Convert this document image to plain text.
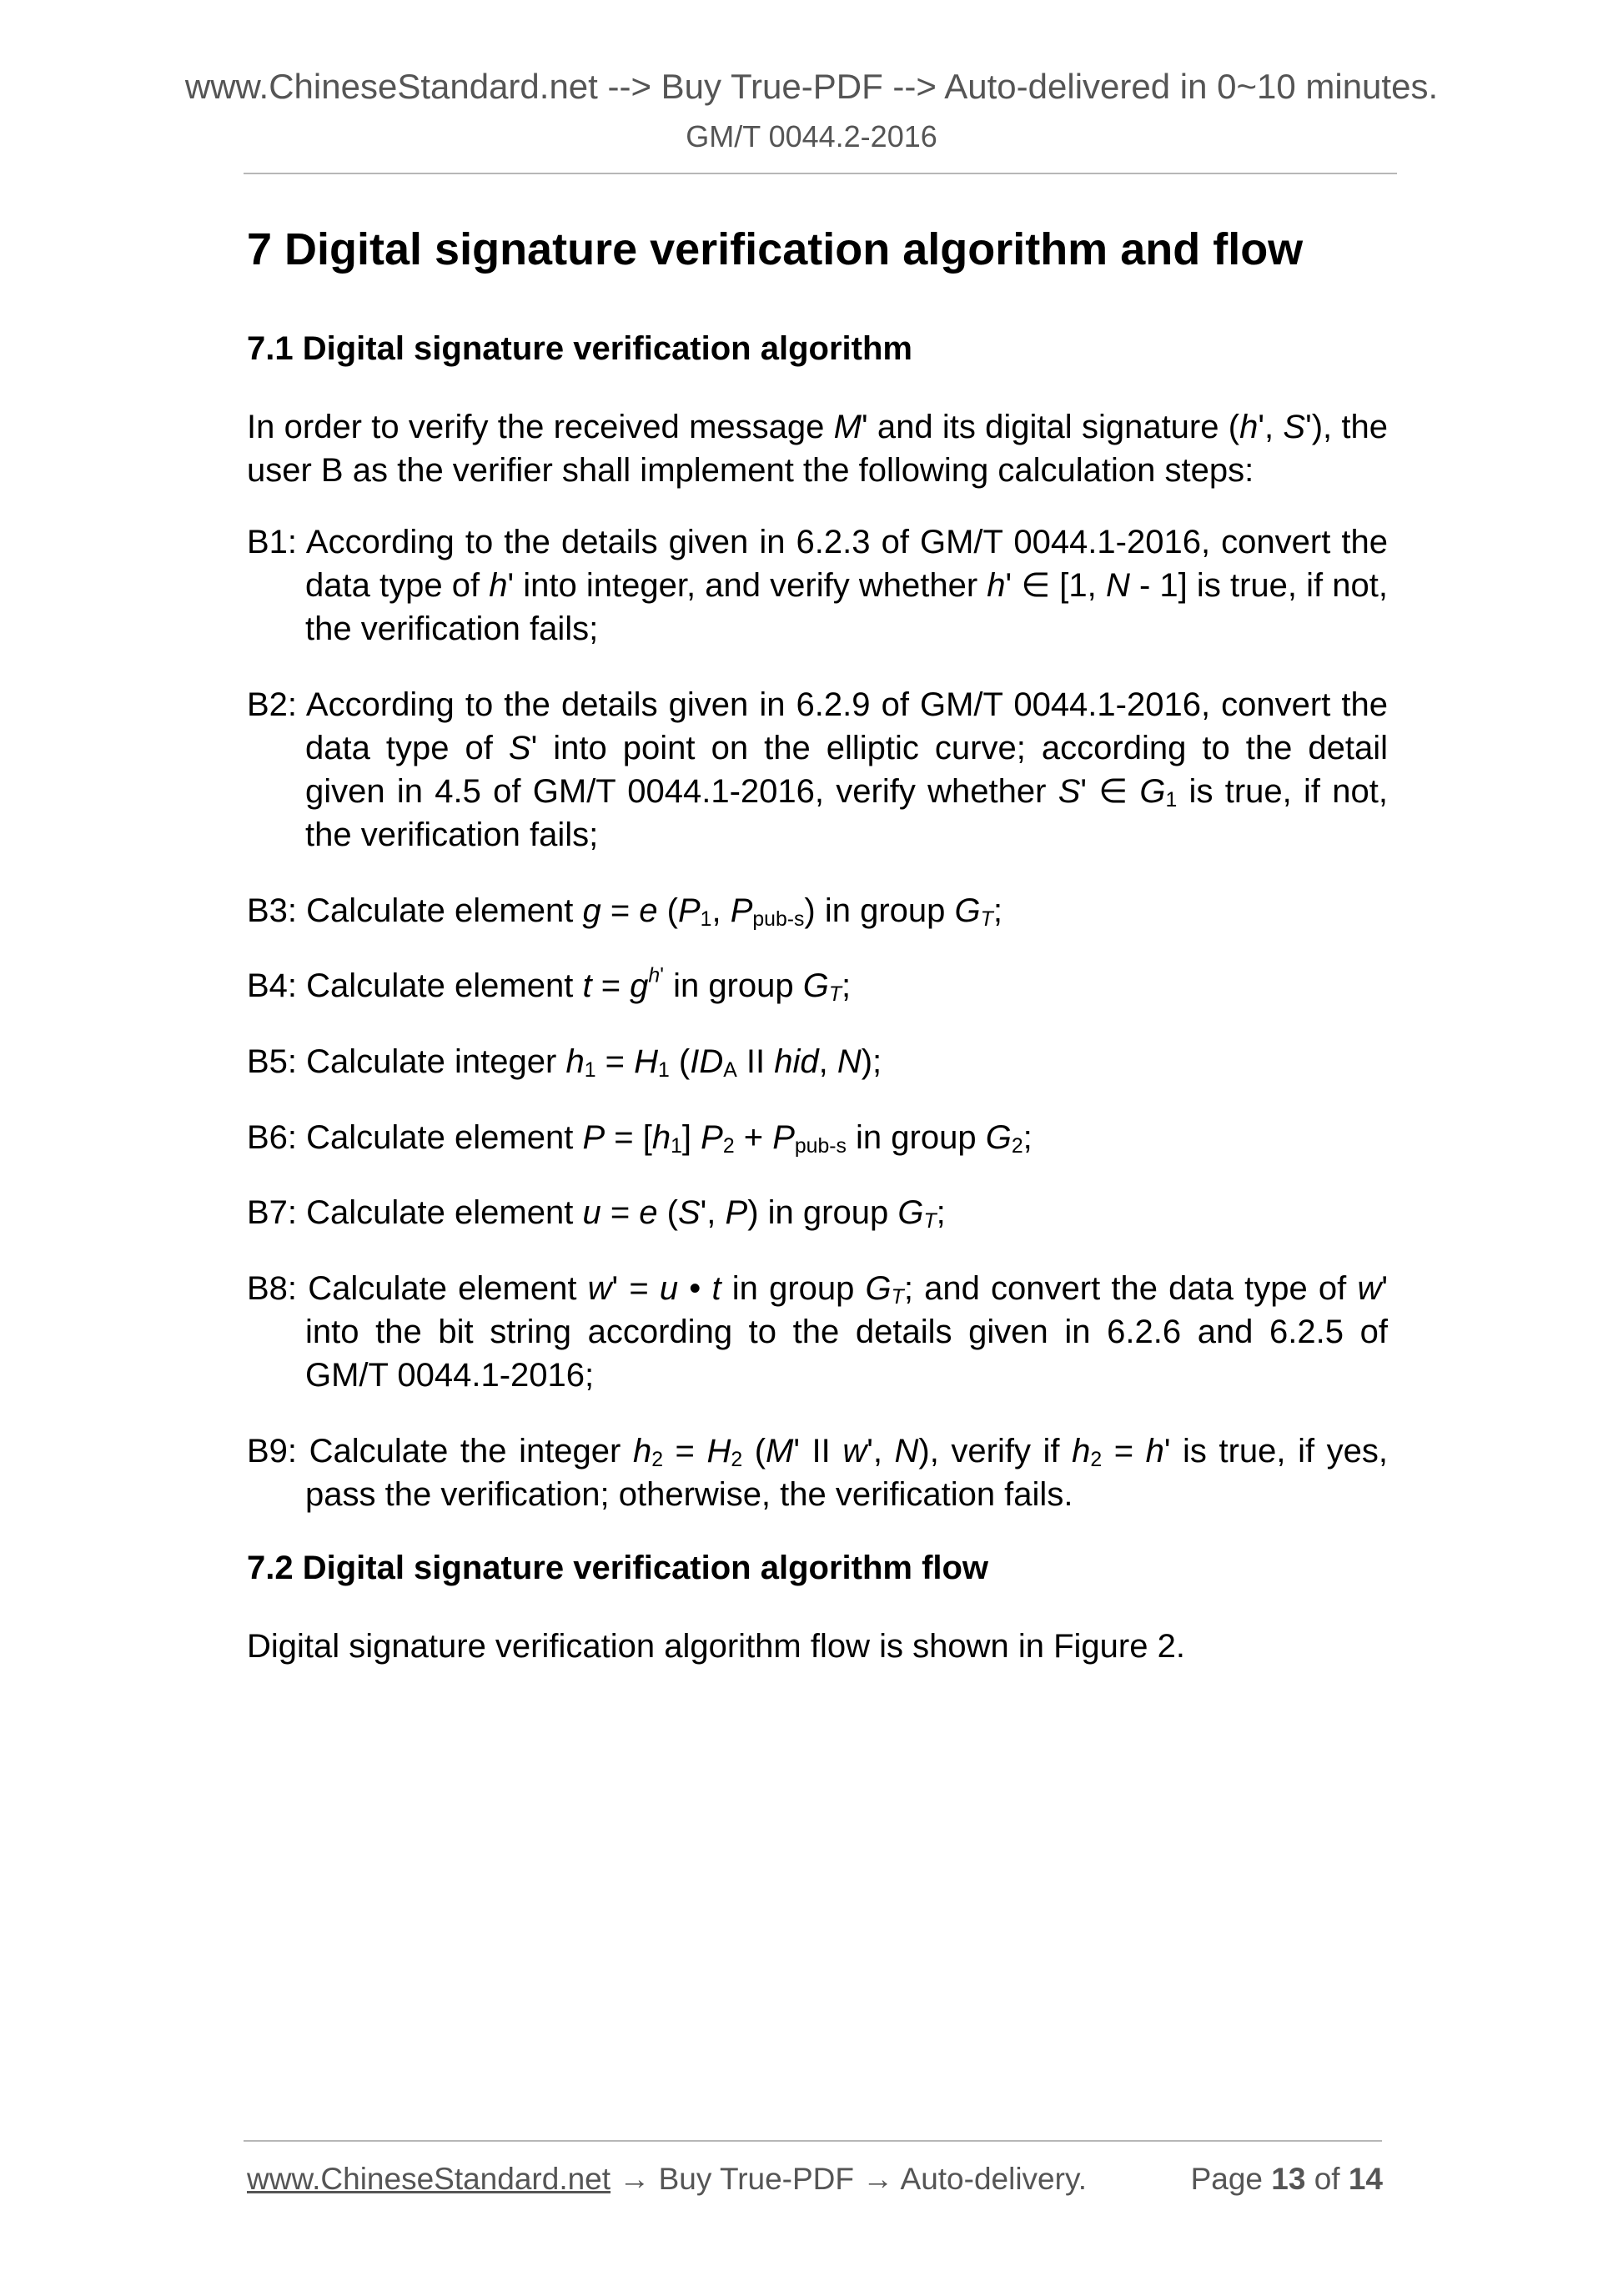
www.ChineseStandard.net --> Buy True-PDF --> Auto-delivered in 0~10 minutes.
GM/T 0044.2-2016
7 Digital signature verification algorithm and flow
7.1 Digital signature verification algorithm

In order to verify the received message M' and its digital signature (h', S'), the user B as the verifier shall implement the following calculation steps:

B1: According to the details given in 6.2.3 of GM/T 0044.1-2016, convert the data type of h' into integer, and verify whether h' ∈ [1, N - 1] is true, if not, the verification fails;
B2: According to the details given in 6.2.9 of GM/T 0044.1-2016, convert the data type of S' into point on the elliptic curve; according to the detail given in 4.5 of GM/T 0044.1-2016, verify whether S' ∈ $G_1$ is true, if not, the verification fails;
B3: Calculate element g = e ($P_1$, $P_{pub-s}$) in group $G_T$;
B4: Calculate element $t = g^{h'}$ in group $G_T$;
B5: Calculate integer $h_1 = H_1$ ($ID_A$ II hid, N);
B6: Calculate element $P = [h_1] P_2 + P_{pub-s}$ in group $G_2$;
B7: Calculate element u = e (S', P) in group $G_T$;
B8: Calculate element w' = u • t in group $G_T$; and convert the data type of w' into the bit string according to the details given in 6.2.6 and 6.2.5 of GM/T 0044.1-2016;
B9: Calculate the integer $h_2 = H_2$ (M' II w', N), verify if $h_2 = h'$ is true, if yes, pass the verification; otherwise, the verification fails.
7.2 Digital signature verification algorithm flow

Digital signature verification algorithm flow is shown in Figure 2.

www.ChineseStandard.net → Buy True-PDF → Auto-delivery.	Page 13 of 14
